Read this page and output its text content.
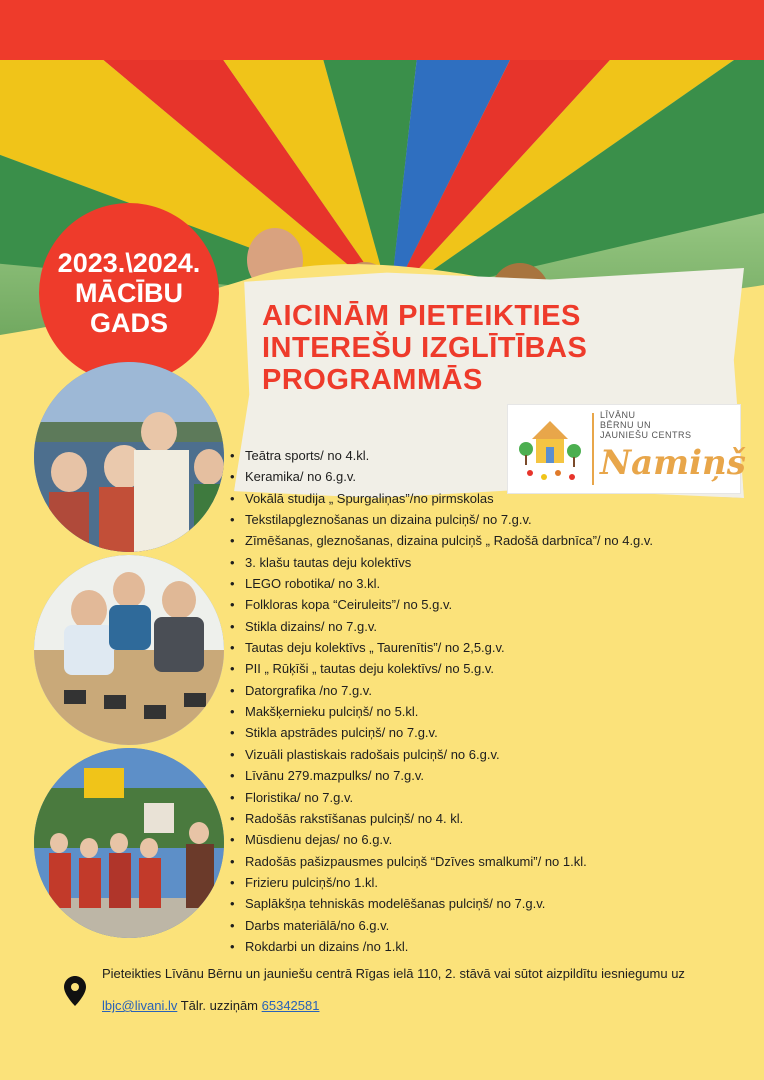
2023.\2024.
MĀCĪBU
GADS	AICINĀM PIETEIKTIES
INTEREŠU IZGLĪTĪBAS
PROGRAMMĀS
LĪVĀNU
BĒRNU UN
JAUNIEŠU CENTRS
Namiņš
• Teātra sports/ no 4.kl.
• Keramika/ no 6.g.v.
• Vokālā studija „ Spurgaliņas”/no pirmskolas
• Tekstilapgleznošanas un dizaina pulciņš/ no 7.g.v.
• Zīmēšanas, gleznošanas, dizaina pulciņš „ Radošā darbnīca”/ no 4.g.v.
• 3. klašu tautas deju kolektīvs
• LEGO robotika/ no 3.kl.
• Folkloras kopa “Ceiruleits”/ no 5.g.v.
• Stikla dizains/ no 7.g.v.
• Tautas deju kolektīvs „ Taurenītis”/ no 2,5.g.v.
• PII „ Rūķīši „ tautas deju kolektīvs/ no 5.g.v.
• Datorgrafika /no 7.g.v.
• Makšķernieku pulciņš/ no 5.kl.
• Stikla apstrādes pulciņš/ no 7.g.v.
• Vizuāli plastiskais radošais pulciņš/ no 6.g.v.
• Līvānu 279.mazpulks/ no 7.g.v.
• Floristika/ no 7.g.v.
• Radošās rakstīšanas pulciņš/ no 4. kl.
• Mūsdienu dejas/ no 6.g.v.
• Radošās pašizpausmes pulciņš “Dzīves smalkumi”/ no 1.kl.
• Frizieru pulciņš/no 1.kl.
• Saplākšņa tehniskās modelēšanas pulciņš/ no 7.g.v.
• Darbs materiālā/no 6.g.v.
• Rokdarbi un dizains /no 1.kl.
Pieteikties Līvānu Bērnu un jauniešu centrā Rīgas ielā 110, 2. stāvā vai sūtot aizpildītu iesniegumu uz
lbjc@livani.lv Tālr. uzziņām 65342581
